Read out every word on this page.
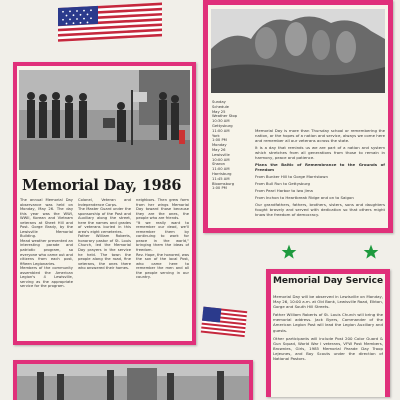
Memorial Day, 1986

The annual Memorial Day observance was held on Monday, May 26. The day this year was the WWI, WWII, Korean and Vietnam veterans at Sheet Hill and Post. Gorge Brady, by the Lewisville Memorial Building.

Mead weather prevented an interesting parade and patriotic program, so everyone who came out and citizens from each post, fifteen Legionaries.

Members of the community assembled the American Legion's 4 Lewisville, serving as the appropriate service for the program.

Colonel, Veteran and Independence Corps.

The Master Guard under the sponsorship of the Post and Auxiliary along the street, here the names and grades of veterans buried in this area's eight cemeteries.

Father William Roberts, honorary pastor of St. Louis Church, led the Memorial Day prayers in the service he held. The town the people along the road, fine veterans, the ones there who answered their homes.

neighbors. Then grew form from her wings Memorial Day toward those because they are the ones, the people who are friends.

"It we really want to remember our dead, we'll remember them by continuing to work for peace in the world," bringing them the ideas of freedom.

Rev. Hope, the honored, was the son of the local Post, who came here to remember the men and all the people serving in our country.

Sunday
Schedule
May 25
Weather Stop
10:30 AM
Gettysburg
11:00 AM
York
1:00 PM
Monday
May 26
Lewisville
10:00 AM
Sharon
11:00 AM
Harrisburg
11:45 AM
Bloomsburg
1:00 PM

Memorial Day is more than Thursday school or remembering the nation, or the hopes of a nation and service, always we come here and remember all our veterans across the state.

It is a day that reminds us we are part of a nation and system which stretches from all generations from those to remain in harmony, peace and patience.

Plans the Baltic of Remembrance to the Grounds of Freedom

From Bunker Hill to Gorge Morristown

From Bull Run to Gettysburg

From Pearl Harbor to Iwo Jima

From Inchon to Heartbreak Ridge and on to Saigon

Our grandfathers, fathers, brothers, sisters, sons and daughters fought bravely and served with dedication so that others might know the freedom of democracy.

Memorial Day Service

Memorial Day will be observed in Lewisville on Monday, May 26, 10:00 a.m. at Old Bank, Lewisville Road, Elkton, Gorge and South Hill Streets.

Father William Roberts of St. Louis Church will bring the memorial address. Jack Byers, Commander of the American Legion Post will lead the Legion Auxiliary and guests.

Other participants will include Post 200 Color Guard & Gun Squad, World War I veterans, VFW Post Members, Brownies, Girls, 1985 Memorial Parade Day Troop Lejeunes, and Boy Scouts under the direction of National Pastors.
